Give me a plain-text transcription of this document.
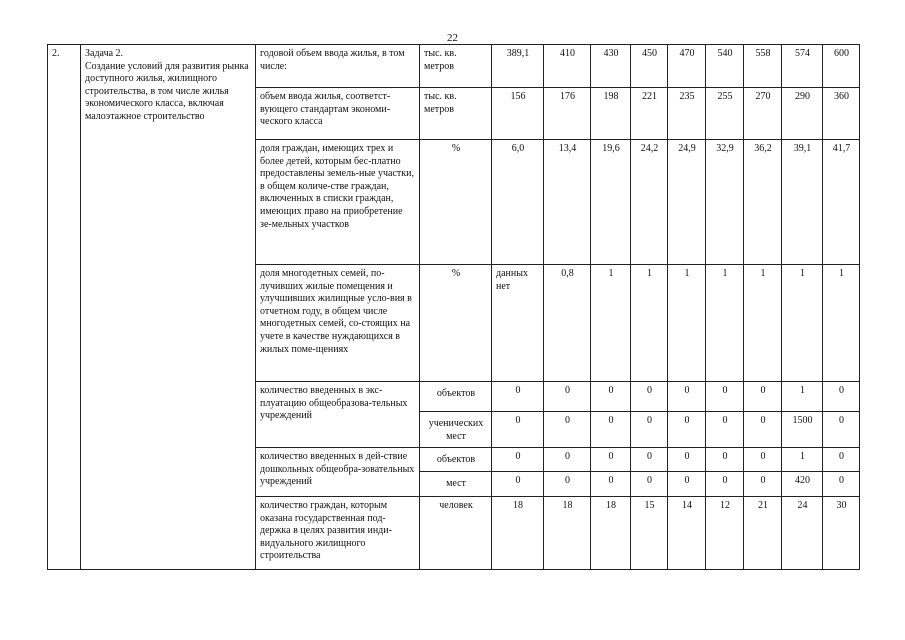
22
2.	Задача 2.
Создание условий для развития рынка доступного жилья, жилищного строительства, в том числе жилья экономического класса, включая малоэтажное строительство	годовой объем ввода жилья, в том числе:	тыс. кв. метров	389,1	410	430	450	470	540	558	574	600
		объем ввода жилья, соответст-вующего стандартам экономи-ческого класса	тыс. кв. метров	156	176	198	221	235	255	270	290	360
		доля граждан, имеющих трех и более детей, которым бес-платно предоставлены земель-ные участки, в общем количе-стве граждан, включенных в списки граждан, имеющих право на приобретение зе-мельных участков	%	6,0	13,4	19,6	24,2	24,9	32,9	36,2	39,1	41,7
		доля многодетных семей, по-лучивших жилые помещения и улучшивших жилищные усло-вия в отчетном году, в общем числе многодетных семей, со-стоящих на учете в качестве нуждающихся в жилых поме-щениях	%	данных нет	0,8	1	1	1	1	1	1	1
		количество введенных в экс-плуатацию общеобразова-тельных учреждений	объектов	0	0	0	0	0	0	0	1	0
			ученических мест	0	0	0	0	0	0	0	1500	0
		количество введенных в дей-ствие дошкольных общеобра-зовательных учреждений	объектов	0	0	0	0	0	0	0	1	0
			мест	0	0	0	0	0	0	0	420	0
		количество граждан, которым оказана государственная под-держка в целях развития инди-видуального жилищного строительства	человек	18	18	18	15	14	12	21	24	30
